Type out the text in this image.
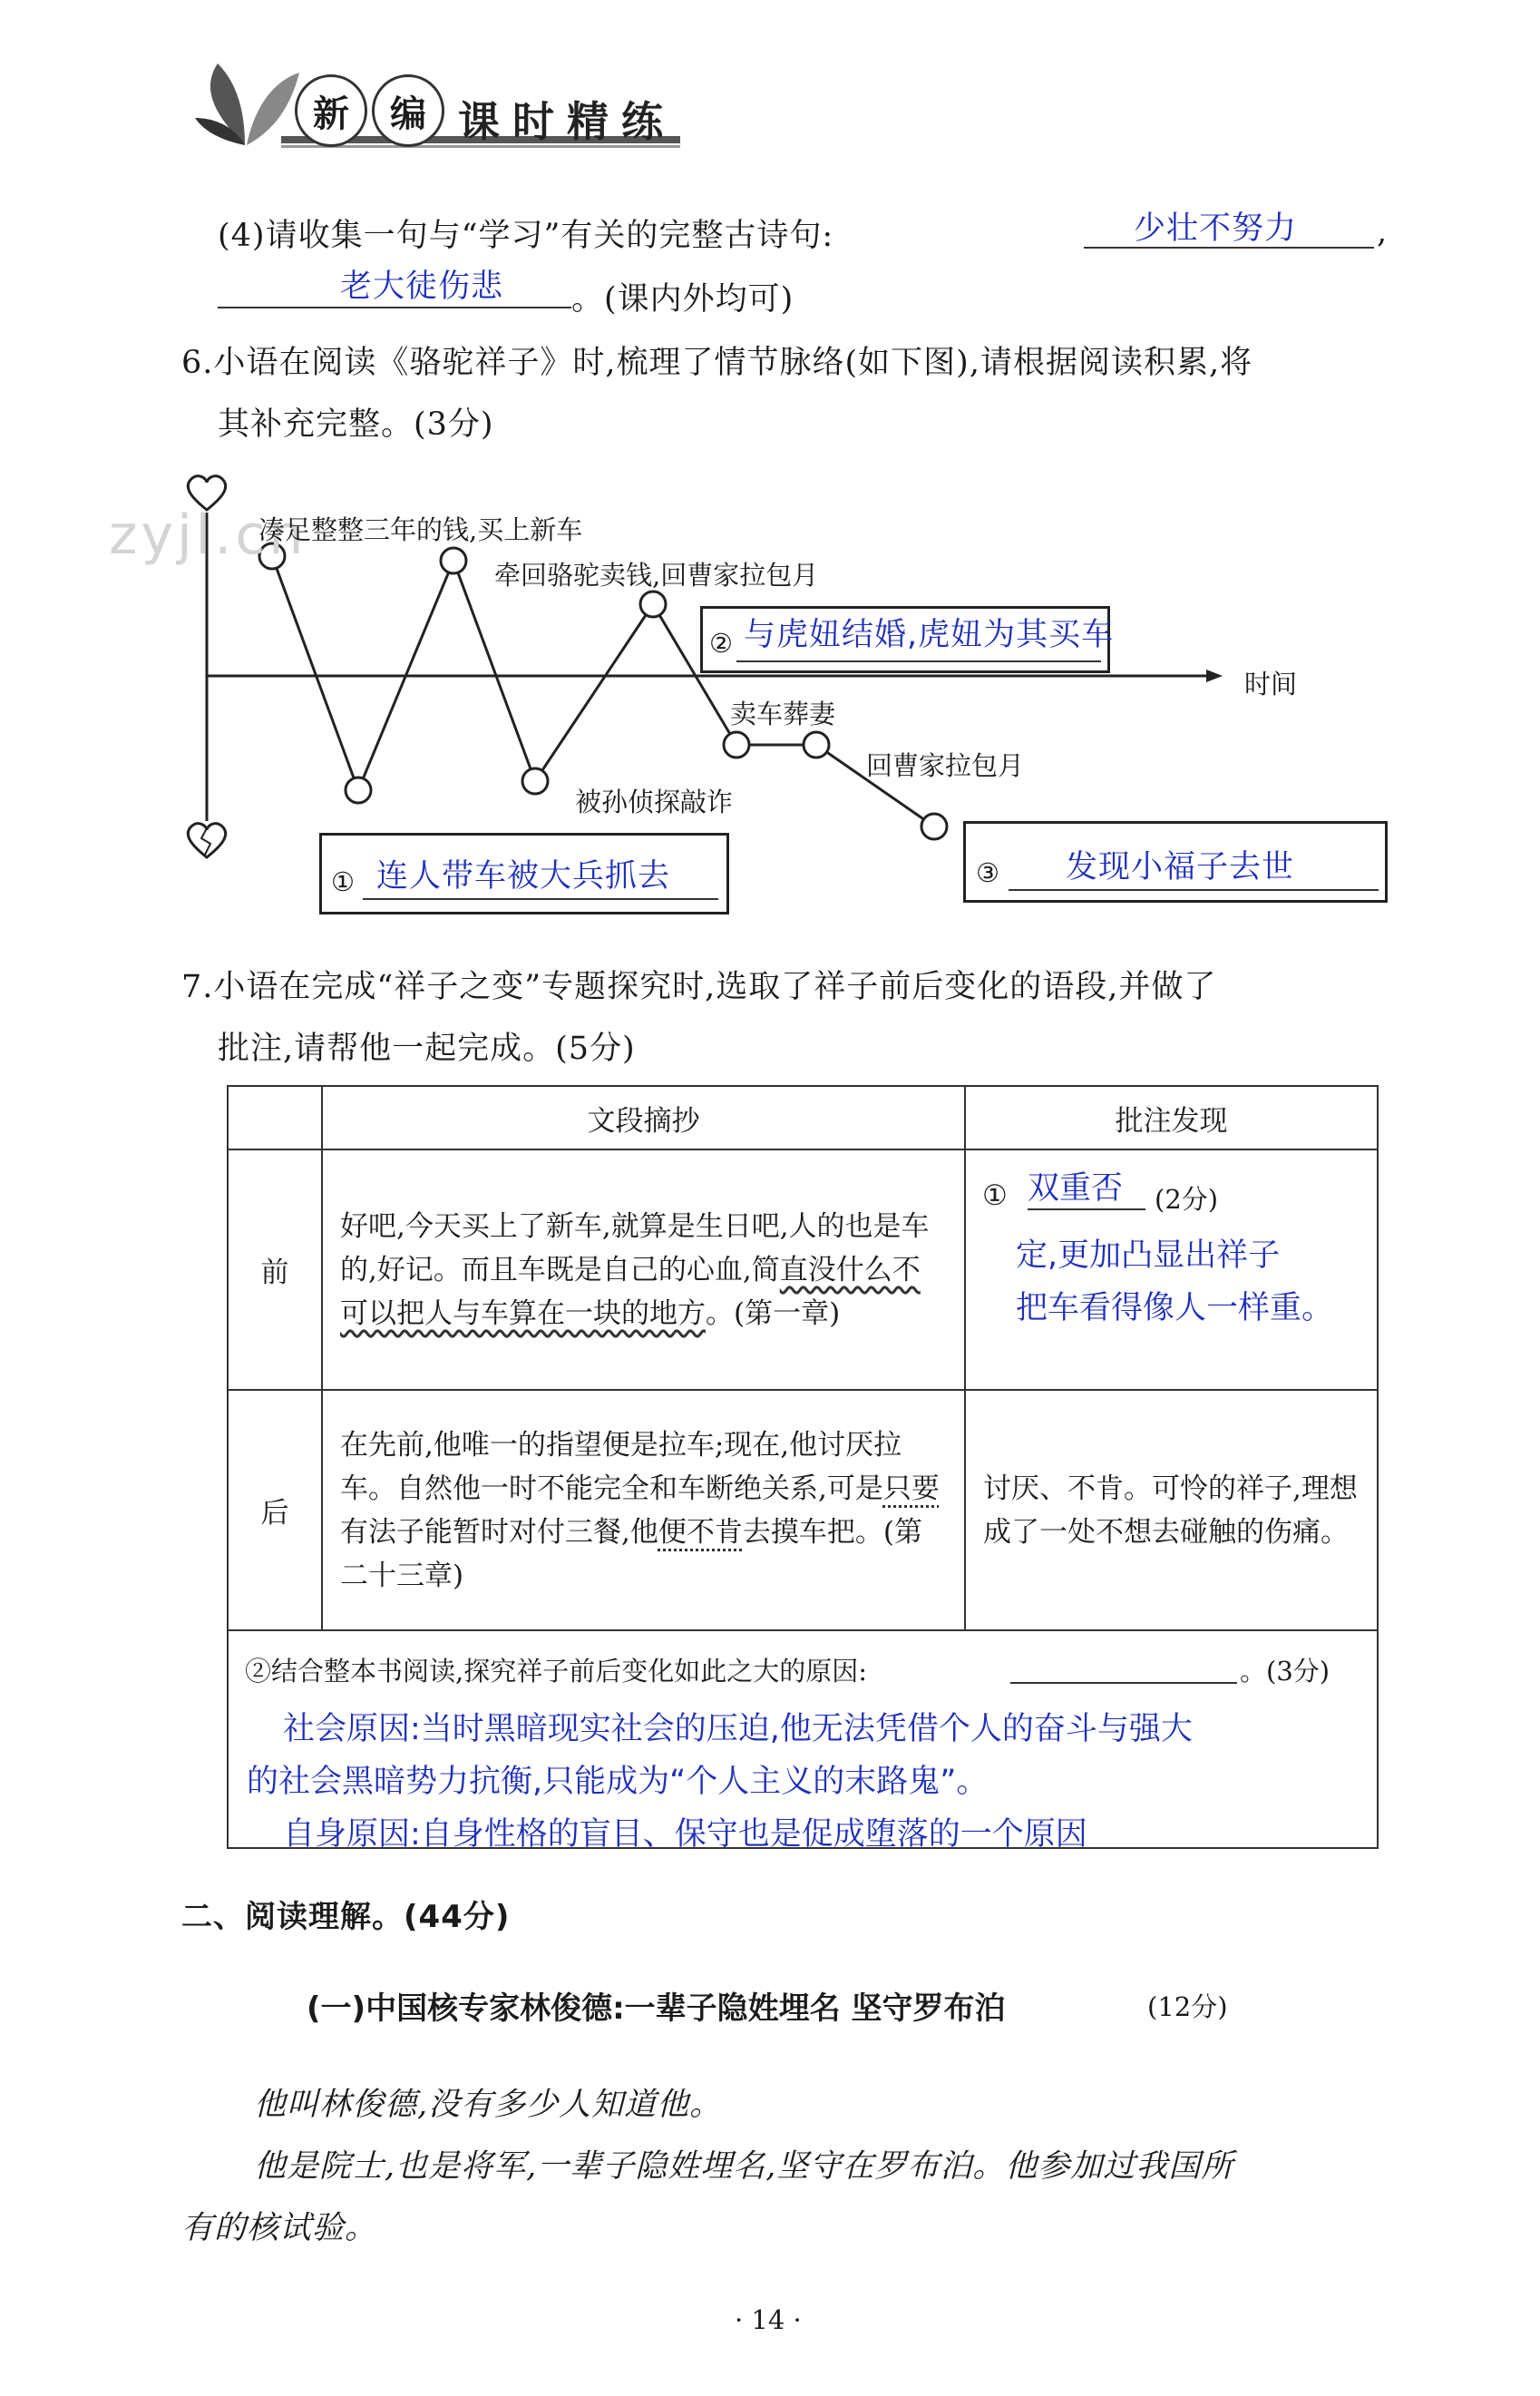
新	编 课时精练
(4)请收集一句与“学习”有关的完整古诗句:	少壮不努力	,
老大徒伤悲 。(课内外均可)
6.小语在阅读《骆驼祥子》时,梳理了情节脉络(如下图),请根据阅读积累,将
其补充完整。(3分)
zyjl.cn
凑足整整三年的钱,买上新车
牵回骆驼卖钱,回曹家拉包月
时间
卖车葬妻
被孙侦探敲诈
回曹家拉包月
② 与虎妞结婚,虎妞为其买车
① 连人带车被大兵抓去	③ 发现小福子去世
7.小语在完成“祥子之变”专题探究时,选取了祥子前后变化的语段,并做了
批注,请帮他一起完成。(5分)
	文段摘抄	批注发现
前	好吧,今天买上了新车,就算是生日吧,人的也是车的,好记。而且车既是自己的心血,简直没什么不可以把人与车算在一块的地方。(第一章)	① 双重否 (2分)
定,更加凸显出祥子
把车看得像人一样重。

后	在先前,他唯一的指望便是拉车;现在,他讨厌拉车。自然他一时不能完全和车断绝关系,可是只要有法子能暂时对付三餐,他便不肯去摸车把。(第二十三章)	讨厌、不肯。可怜的祥子,理想成了一处不想去碰触的伤痛。

②结合整本书阅读,探究祥子前后变化如此之大的原因: 。(3分)
社会原因:当时黑暗现实社会的压迫,他无法凭借个人的奋斗与强大
的社会黑暗势力抗衡,只能成为“个人主义的末路鬼”。
自身原因:自身性格的盲目、保守也是促成堕落的一个原因		
二、阅读理解。(44分)
(一)中国核专家林俊德:一辈子隐姓埋名 坚守罗布泊	(12分)
他叫林俊德,没有多少人知道他。
他是院士,也是将军,一辈子隐姓埋名,坚守在罗布泊。他参加过我国所
有的核试验。
· 14 ·
